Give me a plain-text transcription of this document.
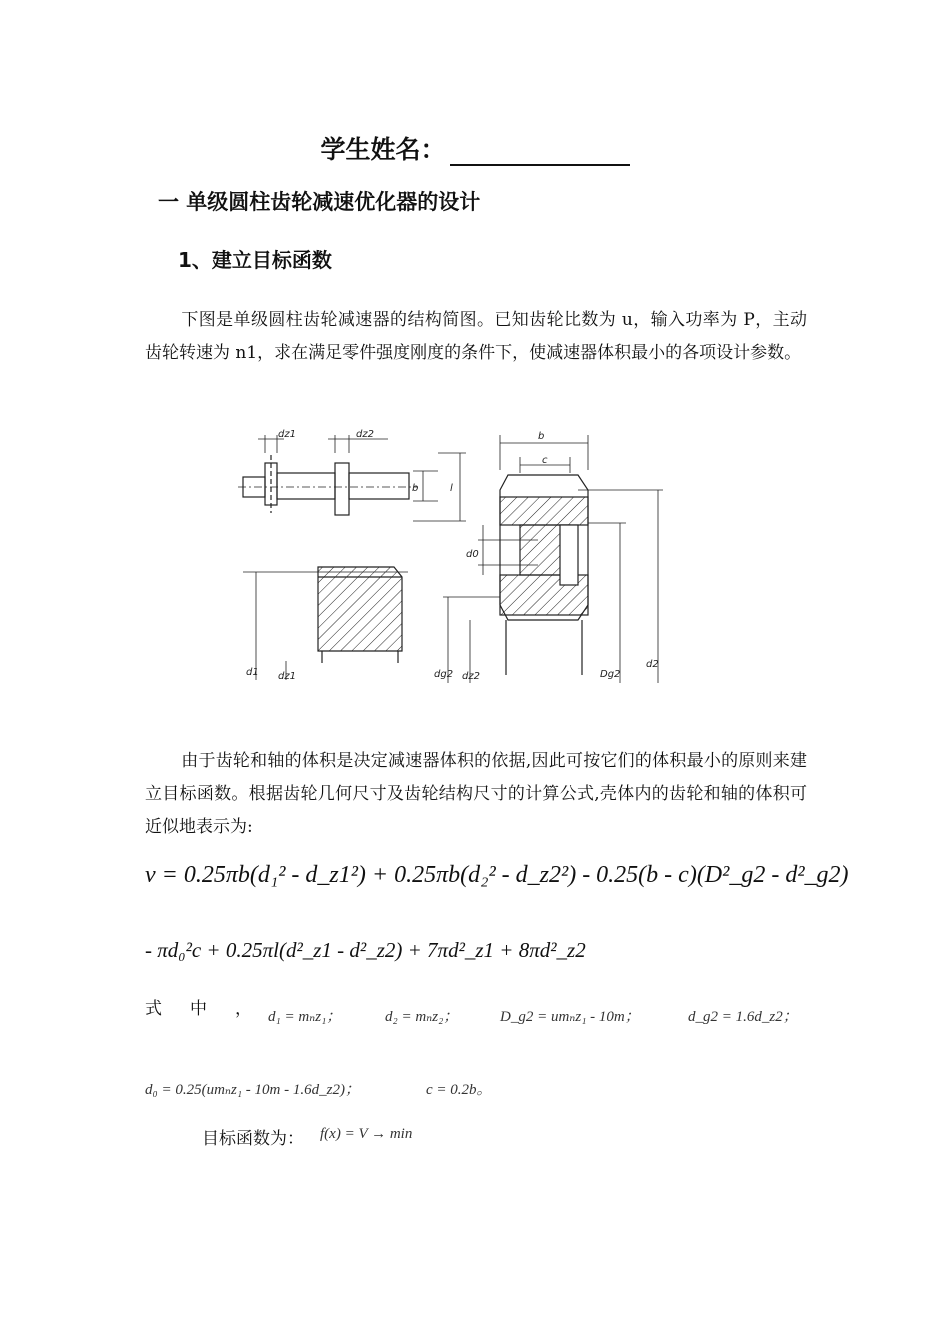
学生姓名：
一 单级圆柱齿轮减速优化器的设计
1、建立目标函数
下图是单级圆柱齿轮减速器的结构简图。已知齿轮比数为 u，输入功率为 P，主动齿轮转速为 n1，求在满足零件强度刚度的条件下，使减速器体积最小的各项设计参数。
dz1	dz2
b	l
d1 dz1
b
c
d0
dg2 dz2	Dg2
d2
由于齿轮和轴的体积是决定减速器体积的依据,因此可按它们的体积最小的原则来建立目标函数。根据齿轮几何尺寸及齿轮结构尺寸的计算公式,壳体内的齿轮和轴的体积可近似地表示为:
v = 0.25πb(d₁² - d_z1²) + 0.25πb(d₂² - d_z2²) - 0.25(b - c)(D²_g2 - d²_g2)
- πd₀²c + 0.25πl(d²_z1 - d²_z2) + 7πd²_z1 + 8πd²_z2
式中，
d₁ = mₙz₁；	d₂ = mₙz₂；	D_g2 = umₙz₁ - 10m；	d_g2 = 1.6d_z2；
d₀ = 0.25(umₙz₁ - 10m - 1.6d_z2)；	c = 0.2b。
目标函数为： f(x) = V → min
